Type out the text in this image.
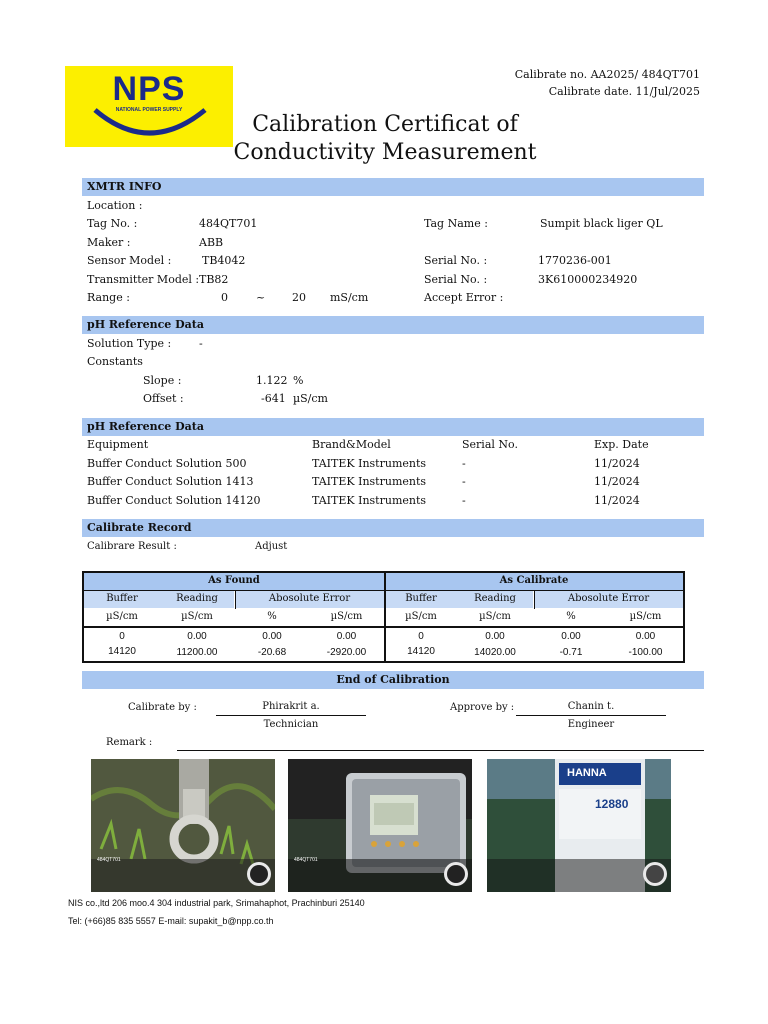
NPS
NATIONAL POWER SUPPLY
Calibrate no. AA2025/ 484QT701
Calibrate date. 11/Jul/2025
Calibration Certificat of
Conductivity Measurement
XMTR INFO
Location :
Tag No. :	484QT701	Tag Name :	Sumpit black liger QL
Maker :	ABB
Sensor Model :	TB4042	Serial No. :	1770236-001
Transmitter Model : TB82	Serial No. :	3K610000234920
Range :	0	~ 20 mS/cm	Accept Error :
pH Reference Data
Solution Type :	-
Constants
Slope :	1.122 %
Offset :	-641 µS/cm
pH Reference Data
Equipment	Brand&Model	Serial No.	Exp. Date
Buffer Conduct Solution 500	TAITEK Instruments	-	11/2024
Buffer Conduct Solution 1413	TAITEK Instruments	-	11/2024
Buffer Conduct Solution 14120	TAITEK Instruments	-	11/2024
Calibrate Record
Calibrare Result :	Adjust
As Found	As Calibrate
Buffer	Reading	Abosolute Error	Buffer	Reading	Abosolute Error
µS/cm	µS/cm	%	µS/cm	µS/cm	µS/cm	%	µS/cm
0	0.00	0.00	0.00	0	0.00	0.00	0.00
14120	11200.00	-20.68	-2920.00	14120	14020.00	-0.71	-100.00
End of Calibration
Calibrate by :	Phirakrit a.
Technician
Approve by :	Chanin t.
Engineer
Remark :
484QT701	484QT701
HANNA
12880
NIS co.,ltd 206 moo.4 304 industrial park, Srimahaphot, Prachinburi 25140
Tel: (+66)85 835 5557 E-mail: supakit_b@npp.co.th
